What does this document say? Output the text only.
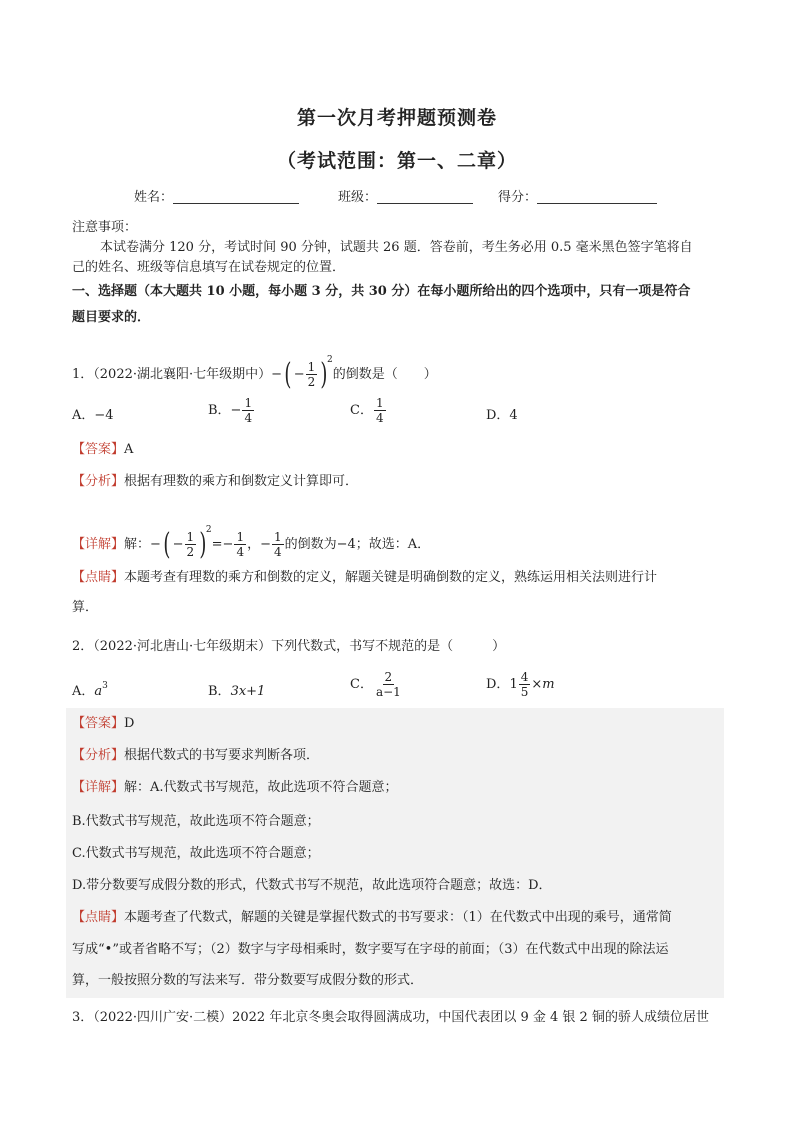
第一次月考押题预测卷
（考试范围：第一、二章）
姓名：	班级：	得分：
注意事项：
本试卷满分 120 分，考试时间 90 分钟，试题共 26 题．答卷前，考生务必用 0.5 毫米黑色签字笔将自
己的姓名、班级等信息填写在试卷规定的位置．
一、选择题（本大题共 10 小题，每小题 3 分，共 30 分）在每小题所给出的四个选项中，只有一项是符合
题目要求的．
1．（2022·湖北襄阳·七年级期中）−( − $\frac{1}{2} )^2$的倒数是（　　）
A．−4	B．− $\frac{1}{4}$	C． $\frac{1}{4}$	D．4
【答案】A
【分析】根据有理数的乘方和倒数定义计算即可．
【详解】解：−( − $\frac{1}{2} )^2=- \frac{1}{4}$ ，− $\frac{1}{4}$ 的倒数为−4；故选：A．
【点睛】本题考查有理数的乘方和倒数的定义，解题关键是明确倒数的定义，熟练运用相关法则进行计
算．
2．（2022·河北唐山·七年级期末）下列代数式，书写不规范的是（　　　）
A．$a^3$	B．3x+1	C． $\frac{2}{a-1}$	D．$1 \frac{4}{5} \times m$
【答案】D
【分析】根据代数式的书写要求判断各项．
【详解】解：A.代数式书写规范，故此选项不符合题意；
B.代数式书写规范，故此选项不符合题意；
C.代数式书写规范，故此选项不符合题意；
D.带分数要写成假分数的形式，代数式书写不规范，故此选项符合题意；故选：D．
【点睛】本题考查了代数式，解题的关键是掌握代数式的书写要求：（1）在代数式中出现的乘号，通常简
写成“•”或者省略不写；（2）数字与字母相乘时，数字要写在字母的前面；（3）在代数式中出现的除法运
算，一般按照分数的写法来写．带分数要写成假分数的形式．
3．（2022·四川广安·二模）2022 年北京冬奥会取得圆满成功，中国代表团以 9 金 4 银 2 铜的骄人成绩位居世
